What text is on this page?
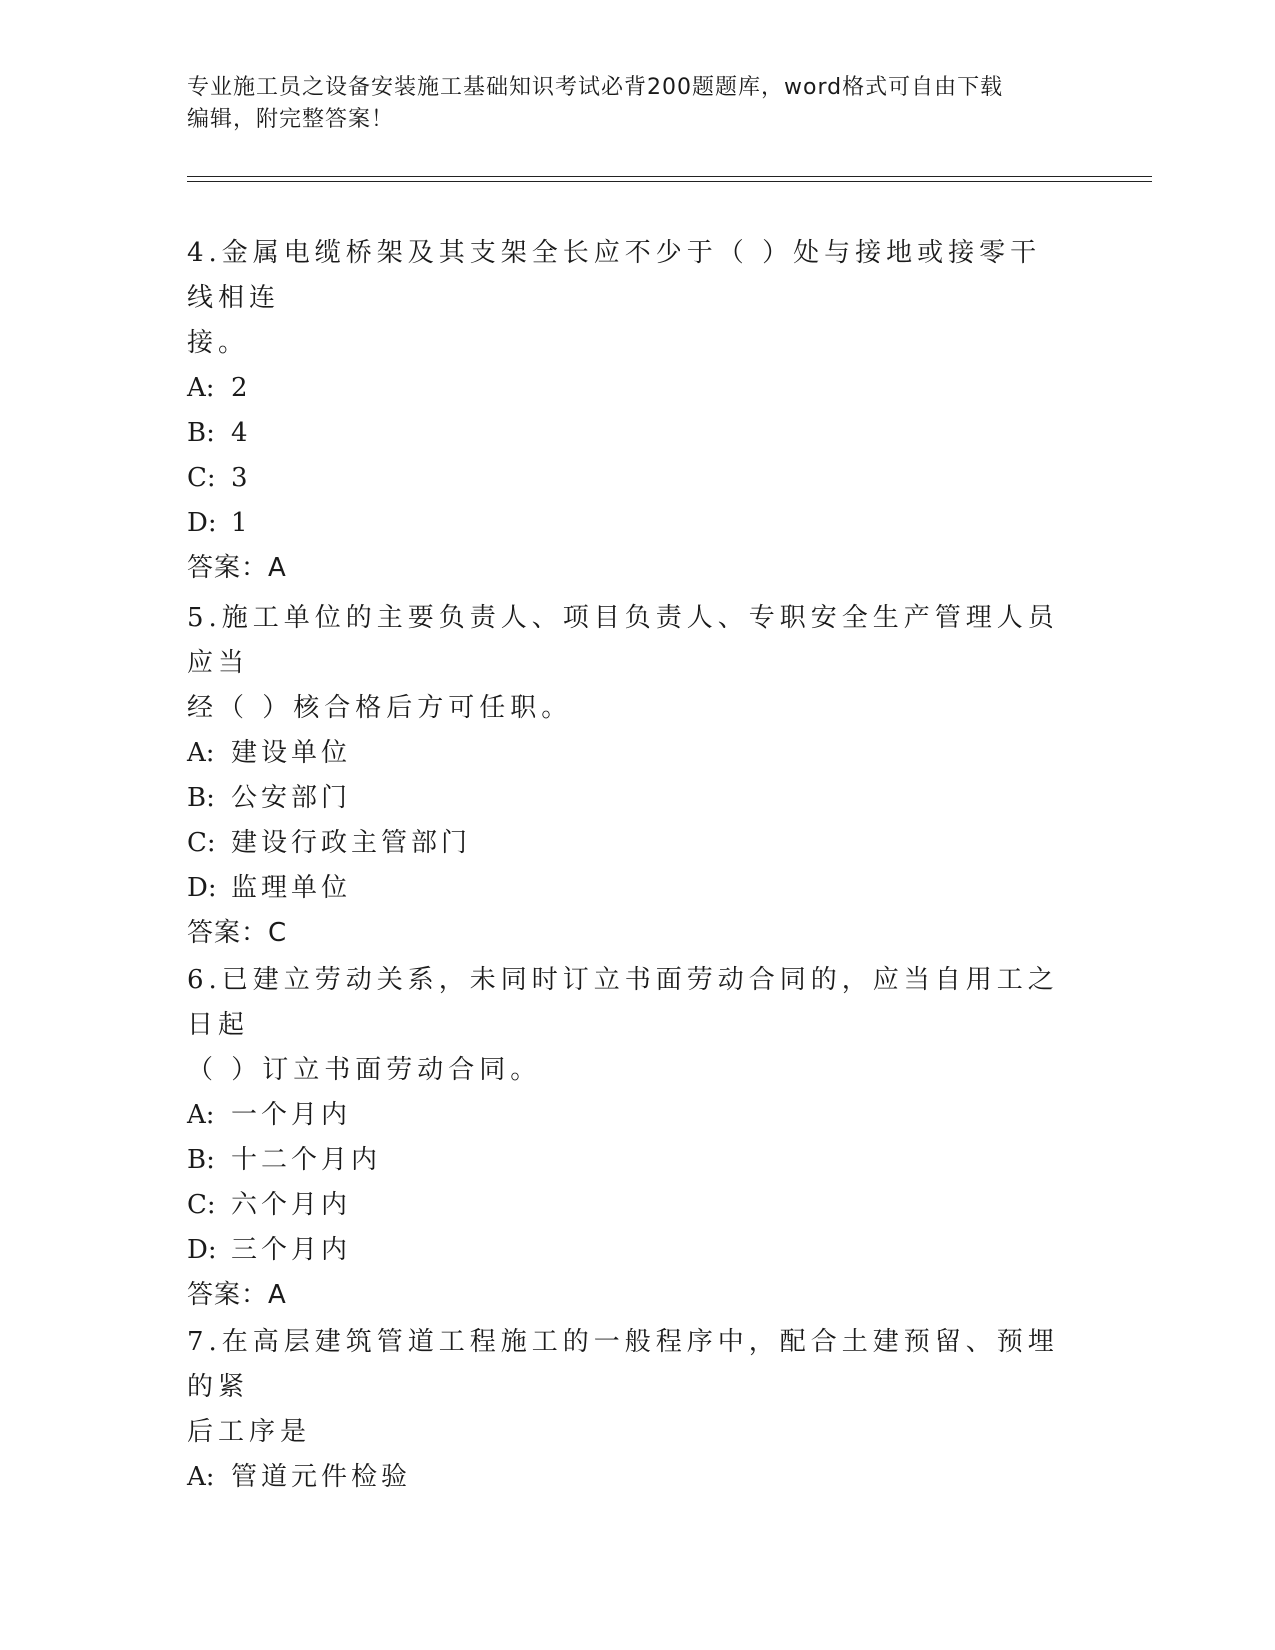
专业施工员之设备安装施工基础知识考试必背200题题库，word格式可自由下载
编辑，附完整答案！

4.金属电缆桥架及其支架全长应不少于（ ）处与接地或接零干线相连
接。

A: 2

B: 4

C: 3

D: 1

答案：A

5.施工单位的主要负责人、项目负责人、专职安全生产管理人员应当
经（ ）核合格后方可任职。

A: 建设单位

B: 公安部门

C: 建设行政主管部门

D: 监理单位

答案：C

6.已建立劳动关系，未同时订立书面劳动合同的，应当自用工之日起
（ ）订立书面劳动合同。

A: 一个月内

B: 十二个月内

C: 六个月内

D: 三个月内

答案：A

7.在高层建筑管道工程施工的一般程序中，配合土建预留、预埋的紧
后工序是

A: 管道元件检验
